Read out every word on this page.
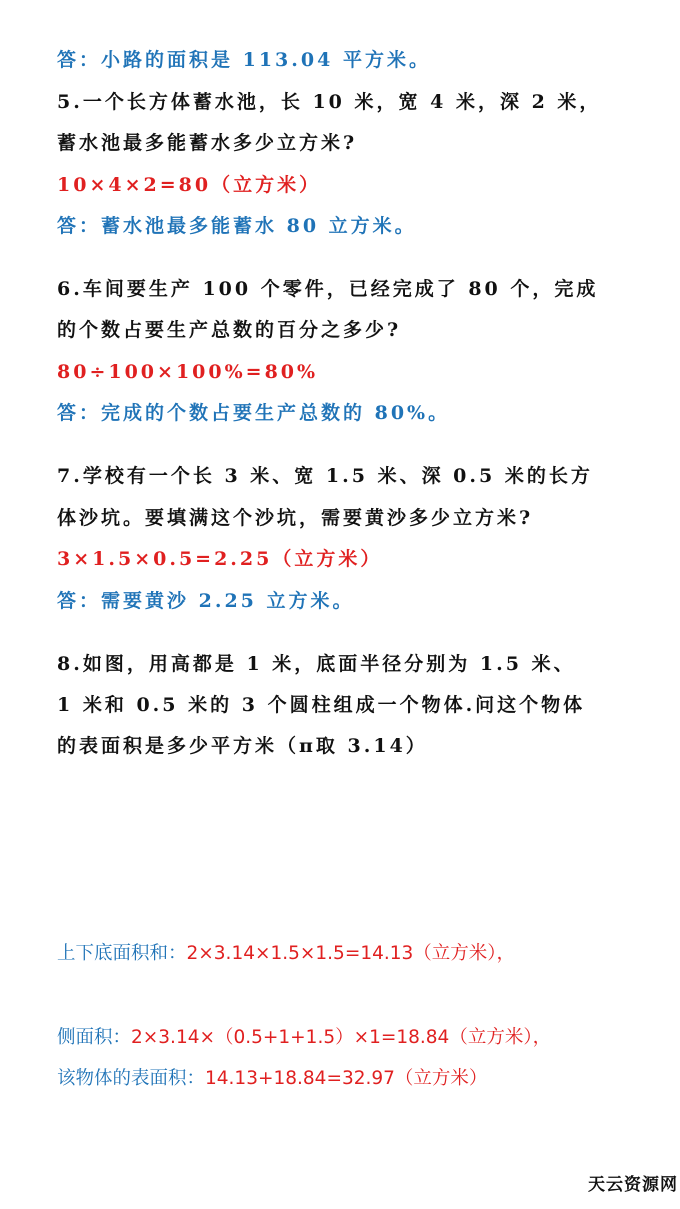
答：小路的面积是 113.04 平方米。
5.一个长方体蓄水池，长 10 米，宽 4 米，深 2 米，
蓄水池最多能蓄水多少立方米?
10×4×2=80（立方米）
答：蓄水池最多能蓄水 80 立方米。
6.车间要生产 100 个零件，已经完成了 80 个，完成
的个数占要生产总数的百分之多少?
80÷100×100%=80%
答：完成的个数占要生产总数的 80%。
7.学校有一个长 3 米、宽 1.5 米、深 0.5 米的长方
体沙坑。要填满这个沙坑，需要黄沙多少立方米?
3×1.5×0.5=2.25（立方米）
答：需要黄沙 2.25 立方米。
8.如图，用高都是 1 米，底面半径分别为 1.5 米、
1 米和 0.5 米的 3 个圆柱组成一个物体.问这个物体
的表面积是多少平方米（π取 3.14）
上下底面积和：2×3.14×1.5×1.5=14.13（立方米），
侧面积：2×3.14×（0.5+1+1.5）×1=18.84（立方米），
该物体的表面积：14.13+18.84=32.97（立方米）
天云资源网
